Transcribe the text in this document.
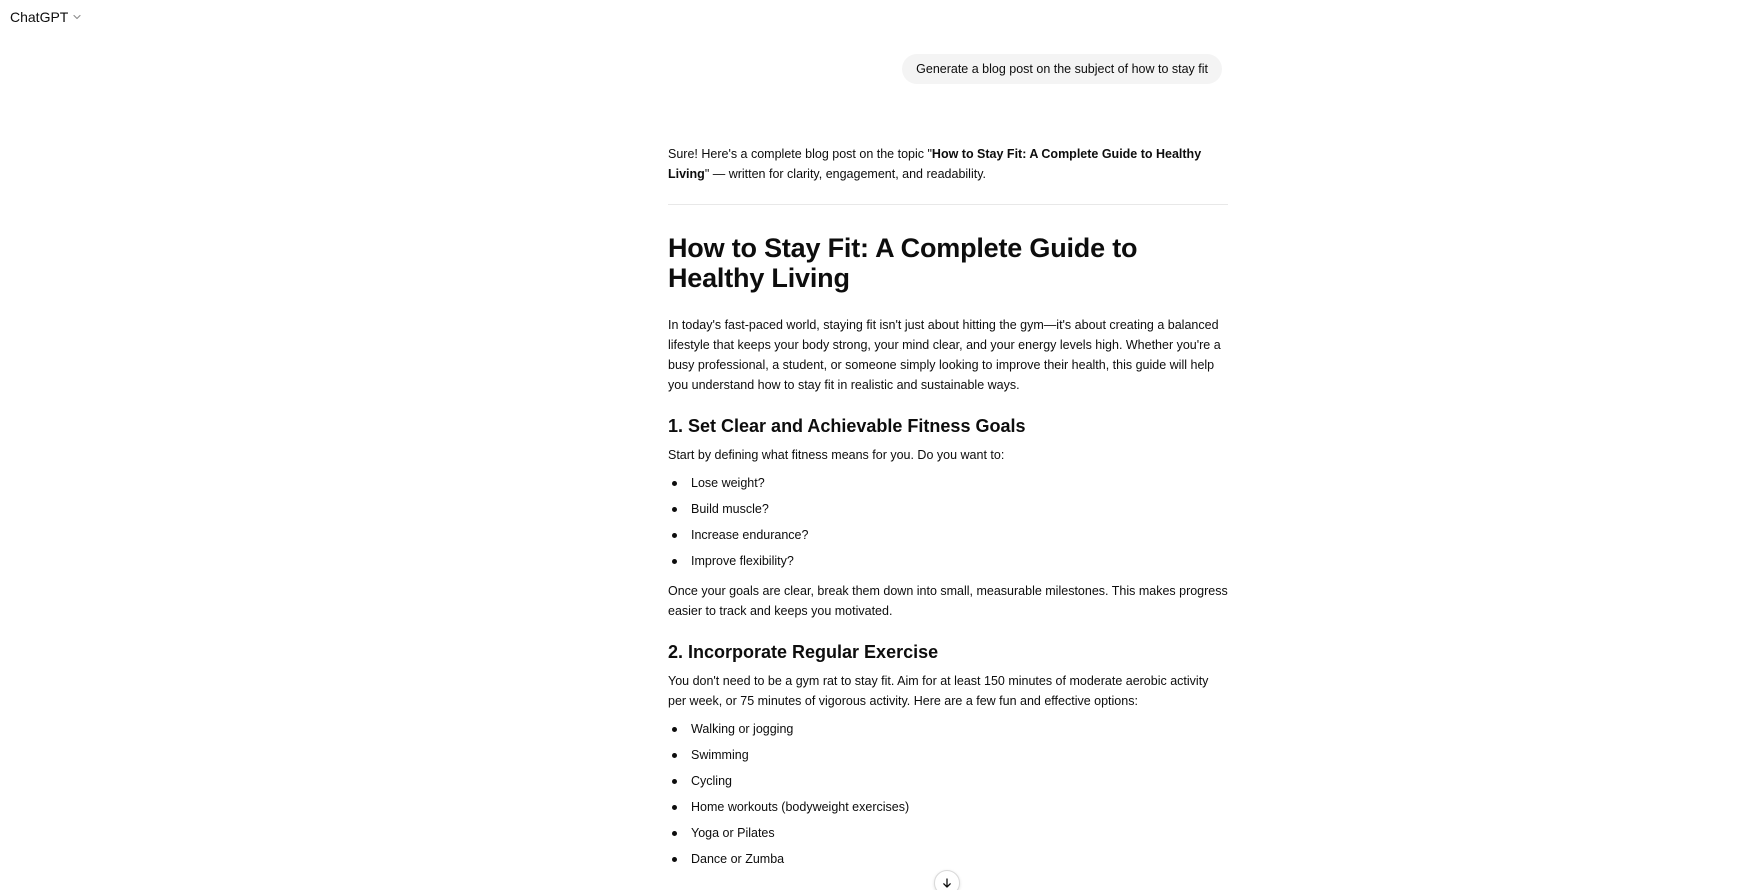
ChatGPT
Generate a blog post on the subject of how to stay fit

Sure! Here's a complete blog post on the topic "How to Stay Fit: A Complete Guide to Healthy Living" — written for clarity, engagement, and readability.

How to Stay Fit: A Complete Guide to Healthy Living

In today's fast-paced world, staying fit isn't just about hitting the gym—it's about creating a balanced lifestyle that keeps your body strong, your mind clear, and your energy levels high. Whether you're a busy professional, a student, or someone simply looking to improve their health, this guide will help you understand how to stay fit in realistic and sustainable ways.

1. Set Clear and Achievable Fitness Goals

Start by defining what fitness means for you. Do you want to:

Lose weight?
Build muscle?
Increase endurance?
Improve flexibility?

Once your goals are clear, break them down into small, measurable milestones. This makes progress easier to track and keeps you motivated.

2. Incorporate Regular Exercise

You don't need to be a gym rat to stay fit. Aim for at least 150 minutes of moderate aerobic activity per week, or 75 minutes of vigorous activity. Here are a few fun and effective options:

Walking or jogging
Swimming
Cycling
Home workouts (bodyweight exercises)
Yoga or Pilates
Dance or Zumba
